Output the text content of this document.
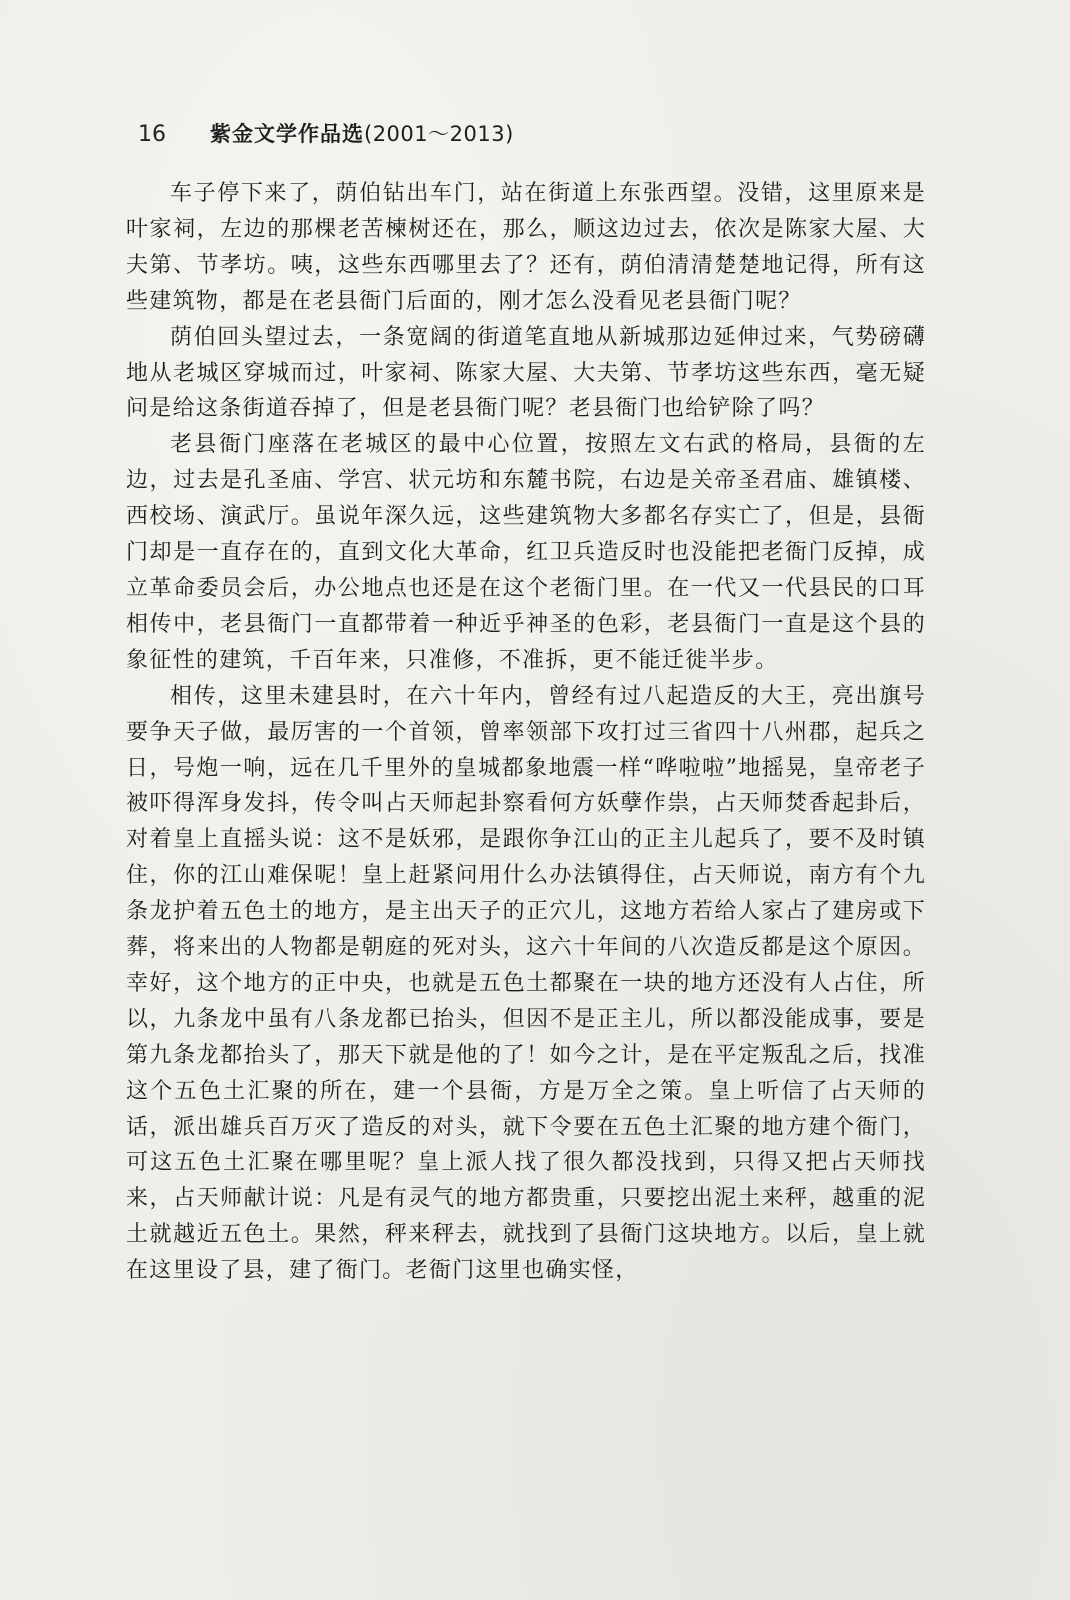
16	紫金文学作品选(2001～2013)

车子停下来了，荫伯钻出车门，站在街道上东张西望。没错，这里原来是叶家祠，左边的那棵老苦楝树还在，那么，顺这边过去，依次是陈家大屋、大夫第、节孝坊。咦，这些东西哪里去了？还有，荫伯清清楚楚地记得，所有这些建筑物，都是在老县衙门后面的，刚才怎么没看见老县衙门呢？

荫伯回头望过去，一条宽阔的街道笔直地从新城那边延伸过来，气势磅礴地从老城区穿城而过，叶家祠、陈家大屋、大夫第、节孝坊这些东西，毫无疑问是给这条街道吞掉了，但是老县衙门呢？老县衙门也给铲除了吗？

老县衙门座落在老城区的最中心位置，按照左文右武的格局，县衙的左边，过去是孔圣庙、学宫、状元坊和东麓书院，右边是关帝圣君庙、雄镇楼、西校场、演武厅。虽说年深久远，这些建筑物大多都名存实亡了，但是，县衙门却是一直存在的，直到文化大革命，红卫兵造反时也没能把老衙门反掉，成立革命委员会后，办公地点也还是在这个老衙门里。在一代又一代县民的口耳相传中，老县衙门一直都带着一种近乎神圣的色彩，老县衙门一直是这个县的象征性的建筑，千百年来，只准修，不准拆，更不能迁徙半步。

相传，这里未建县时，在六十年内，曾经有过八起造反的大王，亮出旗号要争天子做，最厉害的一个首领，曾率领部下攻打过三省四十八州郡，起兵之日，号炮一响，远在几千里外的皇城都象地震一样“哗啦啦”地摇晃，皇帝老子被吓得浑身发抖，传令叫占天师起卦察看何方妖孽作祟，占天师焚香起卦后，对着皇上直摇头说：这不是妖邪，是跟你争江山的正主儿起兵了，要不及时镇住，你的江山难保呢！皇上赶紧问用什么办法镇得住，占天师说，南方有个九条龙护着五色土的地方，是主出天子的正穴儿，这地方若给人家占了建房或下葬，将来出的人物都是朝庭的死对头，这六十年间的八次造反都是这个原因。幸好，这个地方的正中央，也就是五色土都聚在一块的地方还没有人占住，所以，九条龙中虽有八条龙都已抬头，但因不是正主儿，所以都没能成事，要是第九条龙都抬头了，那天下就是他的了！如今之计，是在平定叛乱之后，找准这个五色土汇聚的所在，建一个县衙，方是万全之策。皇上听信了占天师的话，派出雄兵百万灭了造反的对头，就下令要在五色土汇聚的地方建个衙门，可这五色土汇聚在哪里呢？皇上派人找了很久都没找到，只得又把占天师找来，占天师献计说：凡是有灵气的地方都贵重，只要挖出泥土来秤，越重的泥土就越近五色土。果然，秤来秤去，就找到了县衙门这块地方。以后，皇上就在这里设了县，建了衙门。老衙门这里也确实怪，
